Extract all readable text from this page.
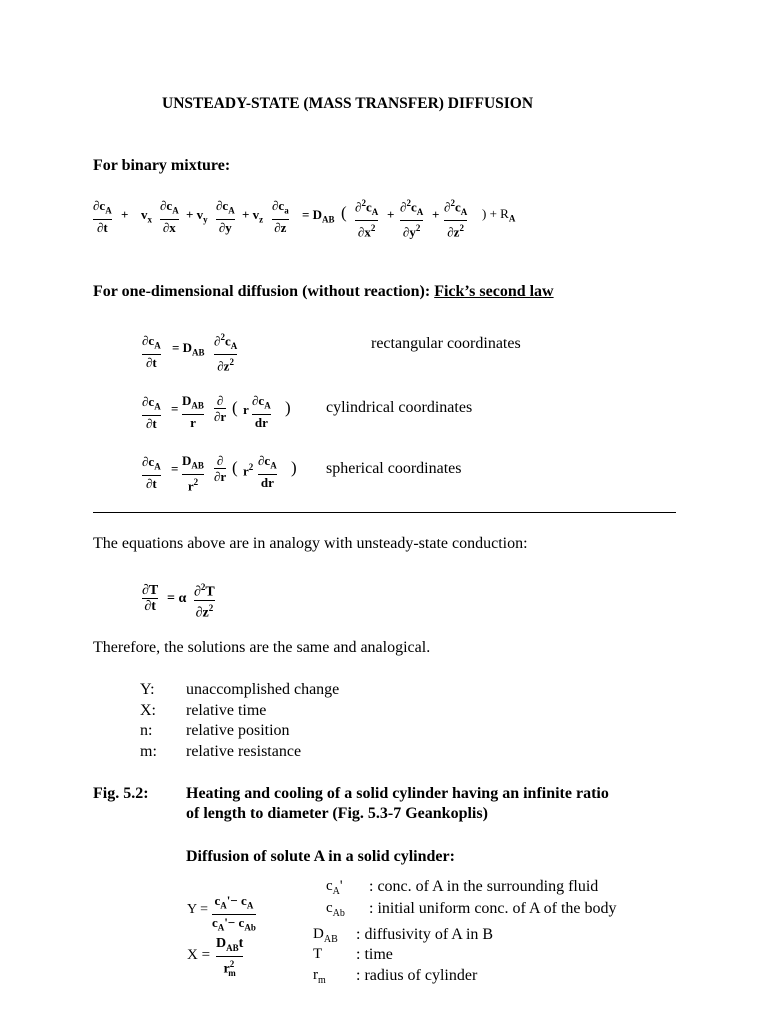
UNSTEADY-STATE (MASS TRANSFER) DIFFUSION
For binary mixture:
$\frac{\partial c_A}{\partial t} + v_x \frac{\partial c_A}{\partial x} + v_y \frac{\partial c_A}{\partial y} + v_z \frac{\partial c_a}{\partial z} = D_{AB}$ ( $\frac{\partial^2c_A}{\partial x^2} + \frac{\partial^2c_A}{\partial y^2} + \frac{\partial^2c_A}{\partial z^2}$ ) + $R_A$
For one-dimensional diffusion (without reaction): Fick’s second law
$\frac{\partial c_A}{\partial t} = D_{AB} \frac{\partial^2c_A}{\partial z^2}$	rectangular coordinates
$\frac{\partial c_A}{\partial t}$ =
$D_{AB}$
r
∂
∂r ( r $\frac{\partial c_A}{dr}$ ) cylindrical coordinates
$\frac{\partial c_A}{\partial t}$ =
$D_{AB}$
$r^2$
∂
∂r ( $r^2 \frac{\partial c_A}{dr}$ ) spherical coordinates
The equations above are in analogy with unsteady-state conduction:
$\frac{\partial T}{\partial t} = \alpha \frac{\partial^2T}{\partial z^2}$
Therefore, the solutions are the same and analogical.
Y: unaccomplished change
X: relative time
n: relative position
m: relative resistance
Fig. 5.2: Heating and cooling of a solid cylinder having an infinite ratio
of length to diameter (Fig. 5.3-7 Geankoplis)
Diffusion of solute A in a solid cylinder:
Y =
$c_A'- c_A$
$c_A'- c_{Ab}$
X =
$D_{AB}t$
$r^2_m$
$c_A'$ : conc. of A in the surrounding fluid
$c_{Ab}$ : initial uniform conc. of A of the body
$D_{AB}$ : diffusivity of A in B
T : time
$r_m$ : radius of cylinder
